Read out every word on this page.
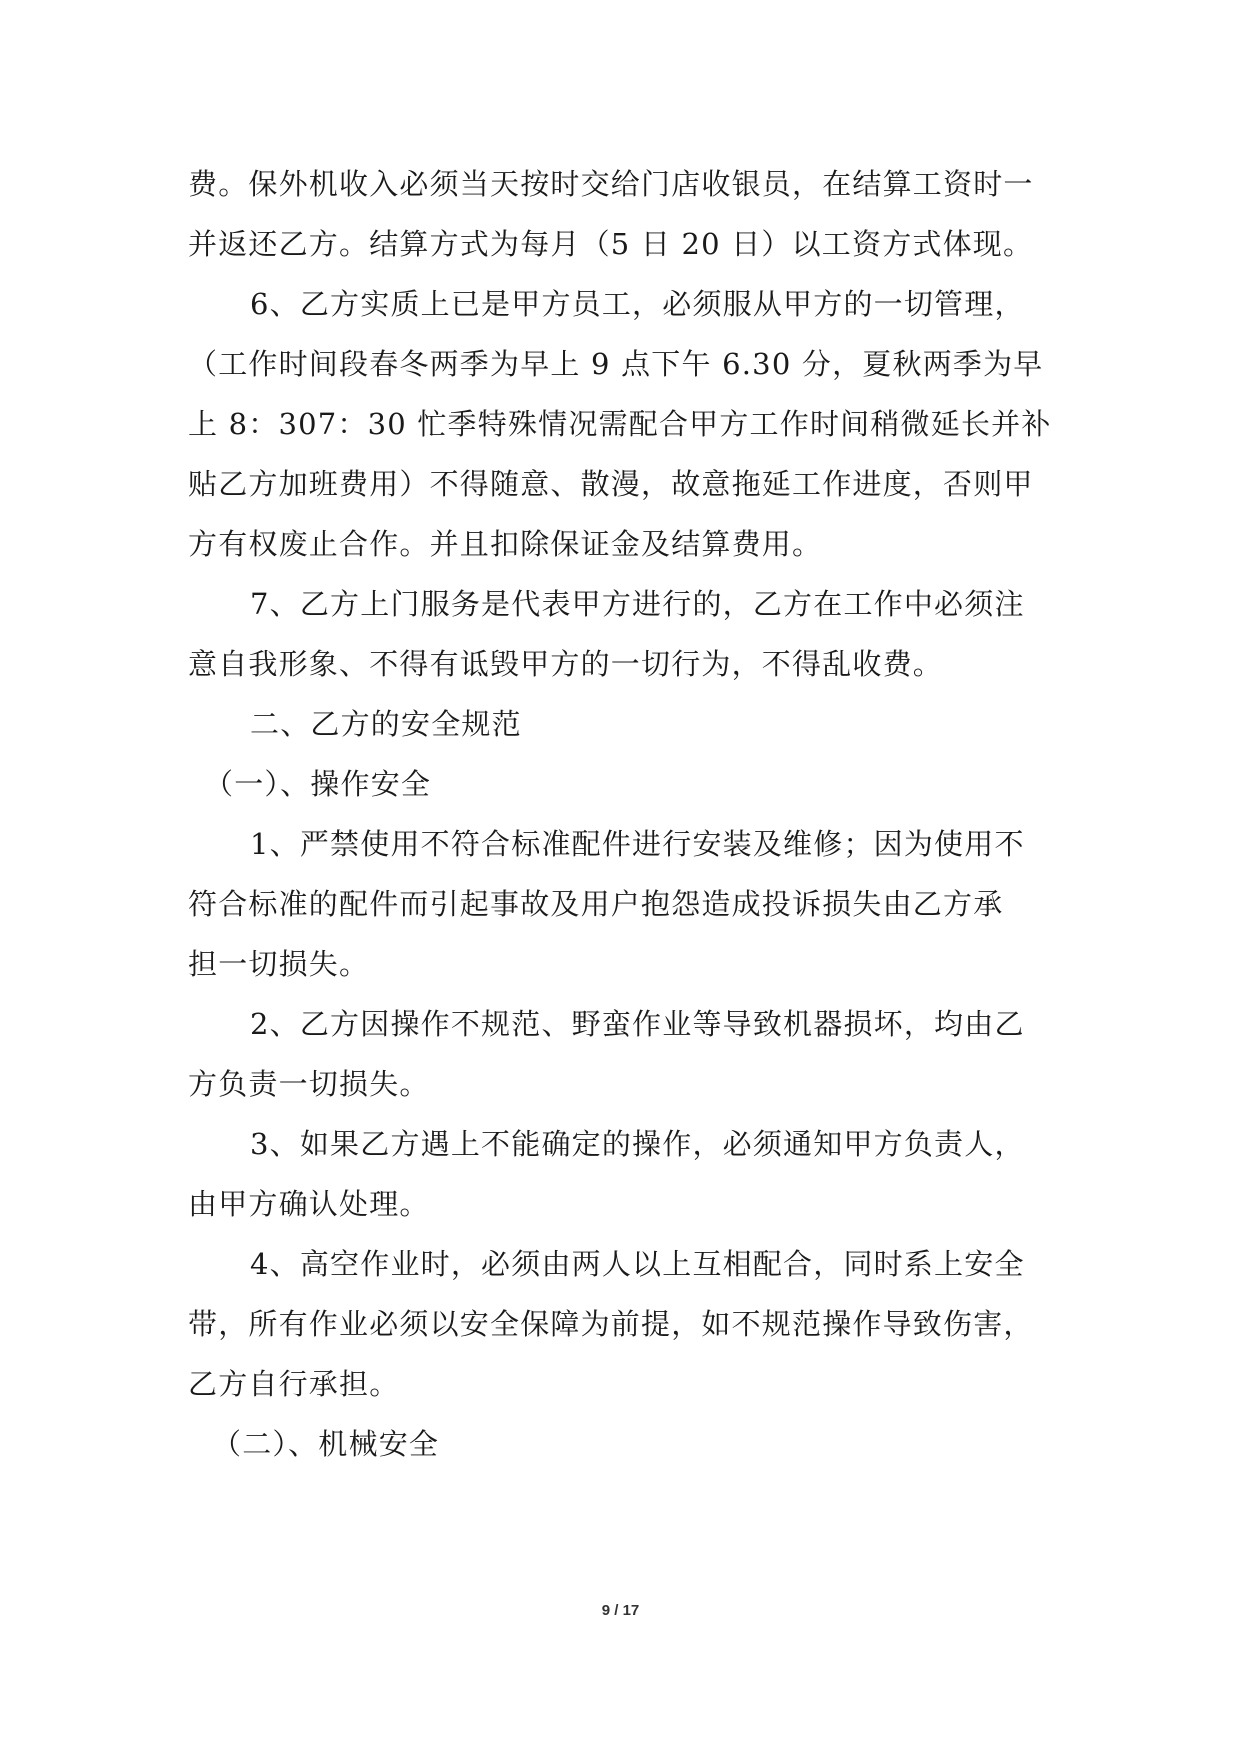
费。保外机收入必须当天按时交给门店收银员，在结算工资时一
并返还乙方。结算方式为每月（5 日 20 日）以工资方式体现。
6、乙方实质上已是甲方员工，必须服从甲方的一切管理，
（工作时间段春冬两季为早上 9 点下午 6.30 分，夏秋两季为早
上 8：307：30 忙季特殊情况需配合甲方工作时间稍微延长并补
贴乙方加班费用）不得随意、散漫，故意拖延工作进度，否则甲
方有权废止合作。并且扣除保证金及结算费用。
7、乙方上门服务是代表甲方进行的，乙方在工作中必须注
意自我形象、不得有诋毁甲方的一切行为，不得乱收费。
二、乙方的安全规范
（一）、操作安全
1、严禁使用不符合标准配件进行安装及维修；因为使用不
符合标准的配件而引起事故及用户抱怨造成投诉损失由乙方承
担一切损失。
2、乙方因操作不规范、野蛮作业等导致机器损坏，均由乙
方负责一切损失。
3、如果乙方遇上不能确定的操作，必须通知甲方负责人，
由甲方确认处理。
4、高空作业时，必须由两人以上互相配合，同时系上安全
带，所有作业必须以安全保障为前提，如不规范操作导致伤害，
乙方自行承担。
（二）、机械安全
9 / 17
